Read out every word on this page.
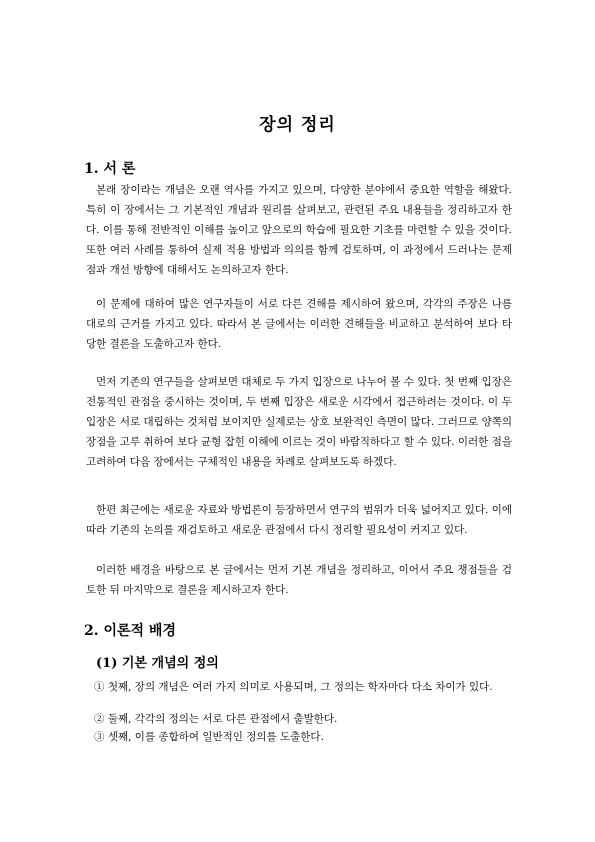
장의 정리
1. 서 론

본래 장이라는 개념은 오랜 역사를 가지고 있으며, 다양한 분야에서 중요한 역할을 해왔다. 특히 이 장에서는 그 기본적인 개념과 원리를 살펴보고, 관련된 주요 내용들을 정리하고자 한다. 이를 통해 전반적인 이해를 높이고 앞으로의 학습에 필요한 기초를 마련할 수 있을 것이다. 또한 여러 사례를 통하여 실제 적용 방법과 의의를 함께 검토하며, 이 과정에서 드러나는 문제점과 개선 방향에 대해서도 논의하고자 한다.

이 문제에 대하여 많은 연구자들이 서로 다른 견해를 제시하여 왔으며, 각각의 주장은 나름대로의 근거를 가지고 있다. 따라서 본 글에서는 이러한 견해들을 비교하고 분석하여 보다 타당한 결론을 도출하고자 한다.

먼저 기존의 연구들을 살펴보면 대체로 두 가지 입장으로 나누어 볼 수 있다. 첫 번째 입장은 전통적인 관점을 중시하는 것이며, 두 번째 입장은 새로운 시각에서 접근하려는 것이다. 이 두 입장은 서로 대립하는 것처럼 보이지만 실제로는 상호 보완적인 측면이 많다. 그러므로 양쪽의 장점을 고루 취하여 보다 균형 잡힌 이해에 이르는 것이 바람직하다고 할 수 있다. 이러한 점을 고려하여 다음 장에서는 구체적인 내용을 차례로 살펴보도록 하겠다.

한편 최근에는 새로운 자료와 방법론이 등장하면서 연구의 범위가 더욱 넓어지고 있다. 이에 따라 기존의 논의를 재검토하고 새로운 관점에서 다시 정리할 필요성이 커지고 있다.

이러한 배경을 바탕으로 본 글에서는 먼저 기본 개념을 정리하고, 이어서 주요 쟁점들을 검토한 뒤 마지막으로 결론을 제시하고자 한다.

2. 이론적 배경
(1) 기본 개념의 정의

① 첫째, 장의 개념은 여러 가지 의미로 사용되며, 그 정의는 학자마다 다소 차이가 있다.

② 둘째, 각각의 정의는 서로 다른 관점에서 출발한다.

③ 셋째, 이를 종합하여 일반적인 정의를 도출한다.
